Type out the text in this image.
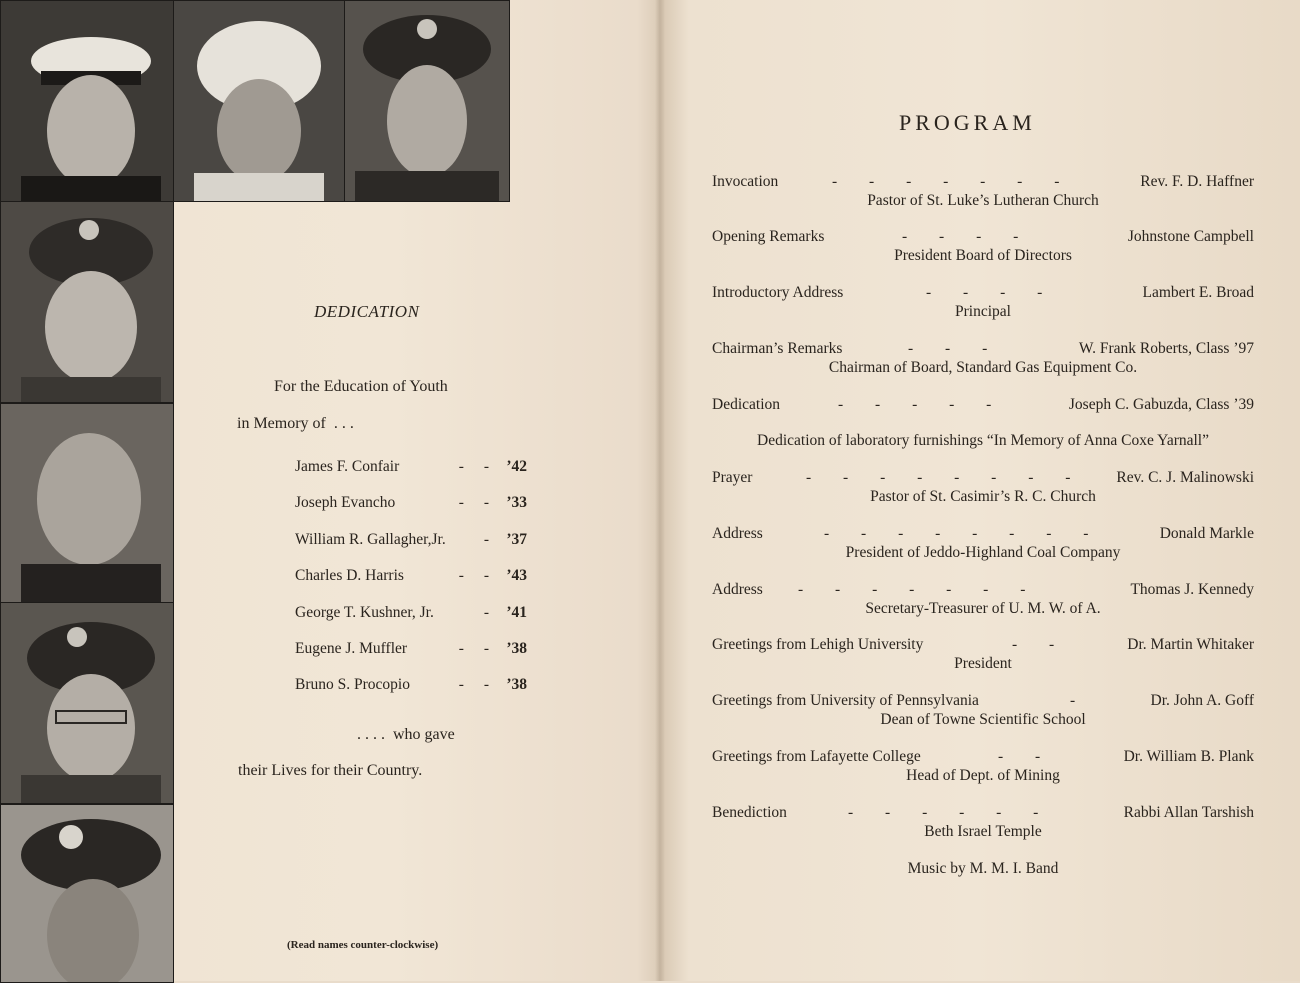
DEDICATION
For the Education of Youth
in Memory of  . . .
James F. Confair	- - ’42
Joseph Evancho	- - ’33
William R. Gallagher,Jr. - ’37
Charles D. Harris	- - ’43
George T. Kushner, Jr.	- ’41
Eugene J. Muffler	- - ’38
Bruno S. Procopio	- - ’38
. . . .  who gave
their Lives for their Country.
(Read names counter-clockwise)
PROGRAM
Invocation	- - - - - - -	Rev. F. D. Haffner
Pastor of St. Luke’s Lutheran Church
Opening Remarks	- - - -	Johnstone Campbell
President Board of Directors
Introductory Address	- - - -	Lambert E. Broad
Principal
Chairman’s Remarks	- - -	W. Frank Roberts, Class ’97
Chairman of Board, Standard Gas Equipment Co.
Dedication	- - - - -	Joseph C. Gabuzda, Class ’39
Dedication of laboratory furnishings “In Memory of Anna Coxe Yarnall”
Prayer	- - - - - - - - Rev. C. J. Malinowski
Pastor of St. Casimir’s R. C. Church
Address	- - - - - - - -	Donald Markle
President of Jeddo-Highland Coal Company
Address - - - - - - -	Thomas J. Kennedy
Secretary-Treasurer of U. M. W. of A.
Greetings from Lehigh University	- -	Dr. Martin Whitaker
President
Greetings from University of Pennsylvania	-	Dr. John A. Goff
Dean of Towne Scientific School
Greetings from Lafayette College	- -	Dr. William B. Plank
Head of Dept. of Mining
Benediction	- - - - - -	Rabbi Allan Tarshish
Beth Israel Temple
Music by M. M. I. Band
